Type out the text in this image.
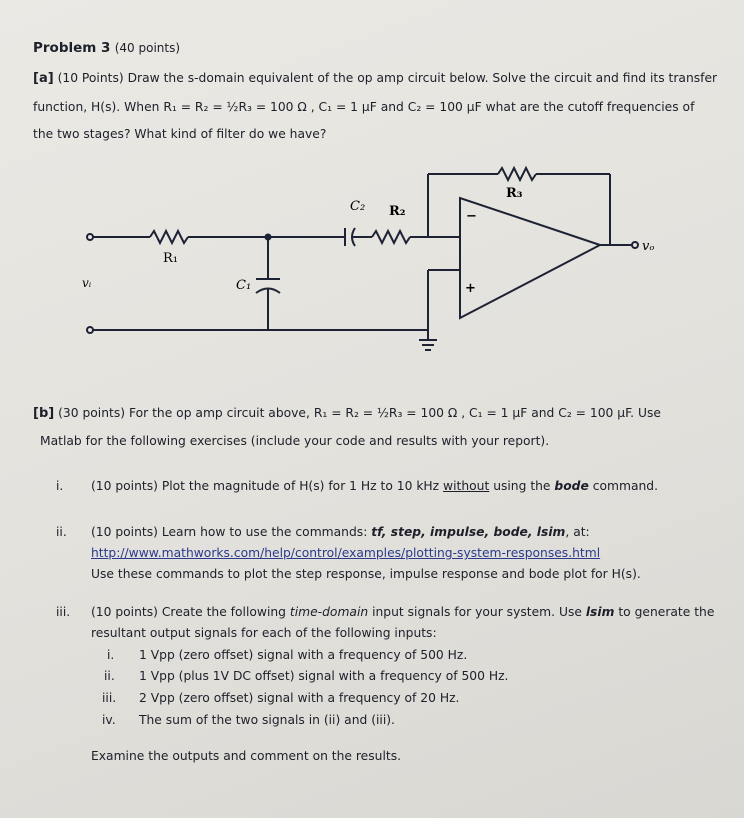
Problem 3 (40 points)
[a] (10 Points) Draw the s-domain equivalent of the op amp circuit below. Solve the circuit and find its transfer
function, H(s). When R₁ = R₂ = ½R₃ = 100 Ω , C₁ = 1 μF and C₂ = 100 μF what are the cutoff frequencies of
the two stages? What kind of filter do we have?
R₁
C₁
C₂ R₂
R₃
vᵢ
vₒ
−
+
[b] (30 points) For the op amp circuit above, R₁ = R₂ = ½R₃ = 100 Ω , C₁ = 1 μF and C₂ = 100 μF. Use
Matlab for the following exercises (include your code and results with your report).
i. (10 points) Plot the magnitude of H(s) for 1 Hz to 10 kHz without using the bode command.
ii. (10 points) Learn how to use the commands: tf, step, impulse, bode, lsim, at:
http://www.mathworks.com/help/control/examples/plotting-system-responses.html
Use these commands to plot the step response, impulse response and bode plot for H(s).
iii. (10 points) Create the following time-domain input signals for your system. Use lsim to generate the
resultant output signals for each of the following inputs:
i. 1 Vpp (zero offset) signal with a frequency of 500 Hz.
ii. 1 Vpp (plus 1V DC offset) signal with a frequency of 500 Hz.
iii. 2 Vpp (zero offset) signal with a frequency of 20 Hz.
iv. The sum of the two signals in (ii) and (iii).
Examine the outputs and comment on the results.
